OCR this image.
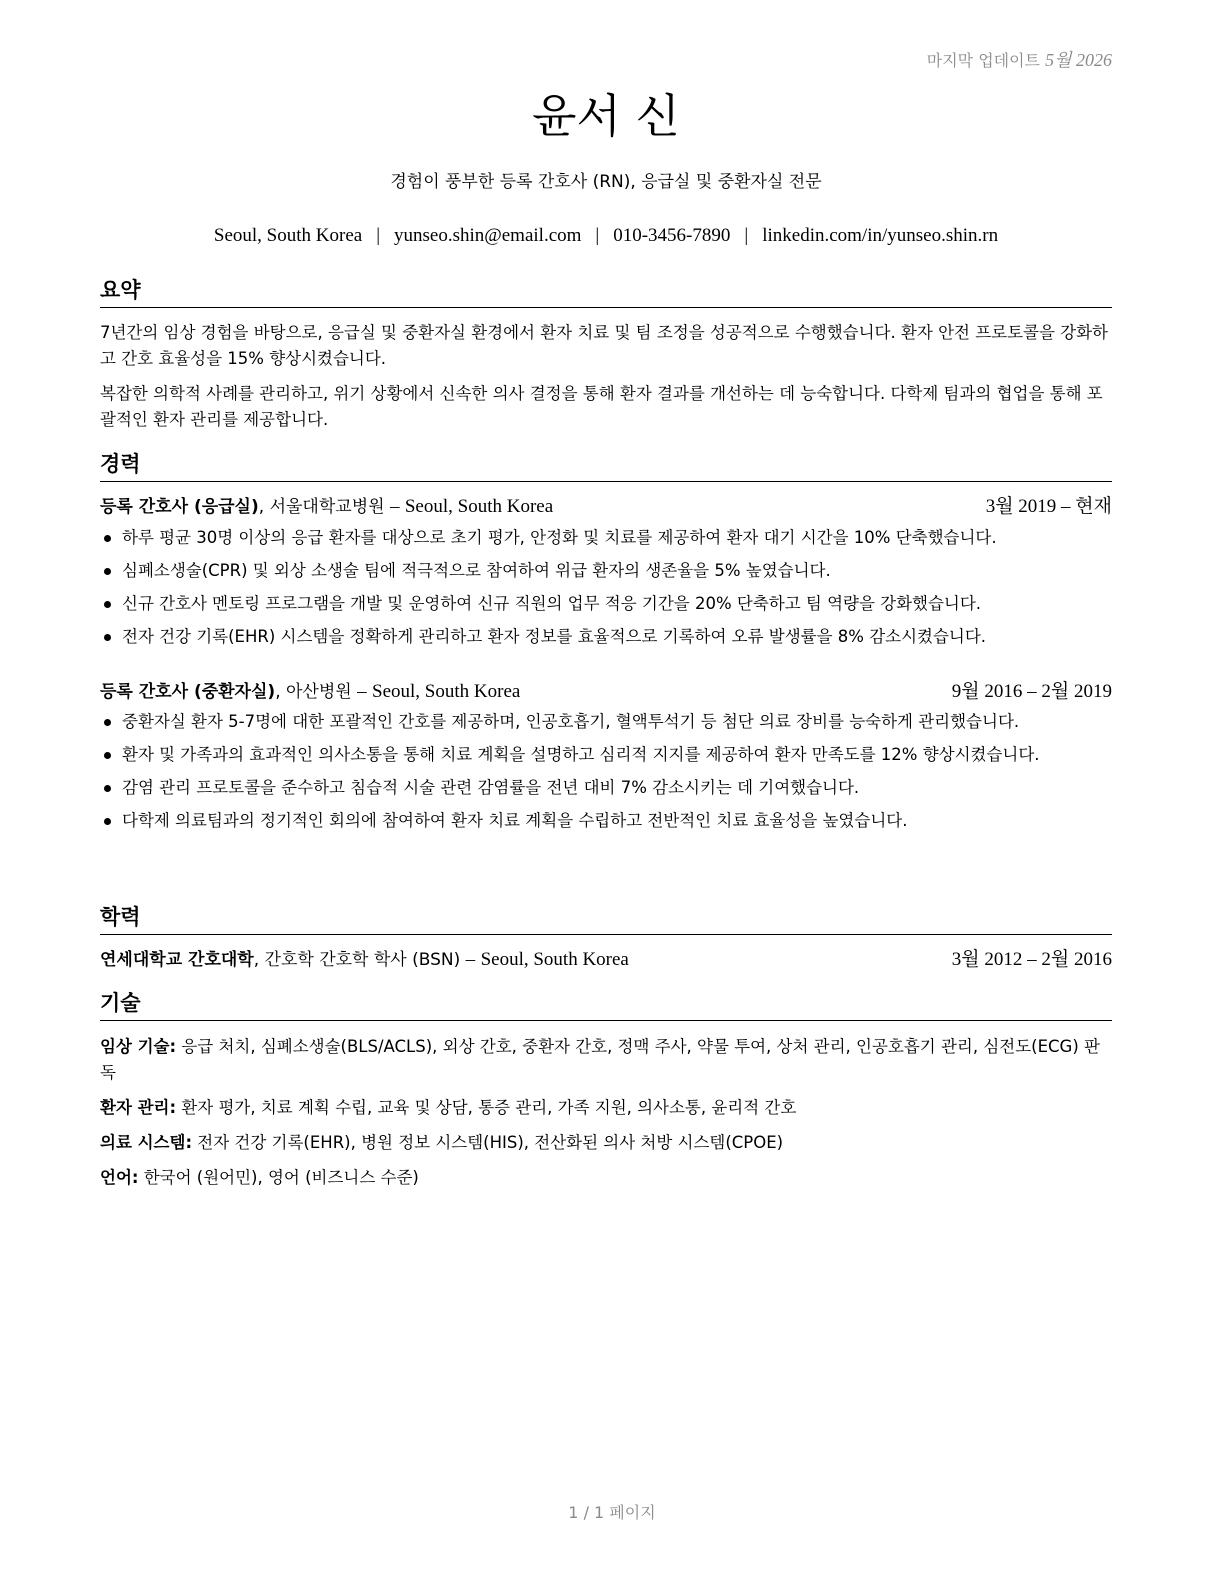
마지막 업데이트 5월 2026
윤서 신
경험이 풍부한 등록 간호사 (RN), 응급실 및 중환자실 전문
Seoul, South Korea | yunseo.shin@email.com | 010-3456-7890 | linkedin.com/in/yunseo.shin.rn
요약

7년간의 임상 경험을 바탕으로, 응급실 및 중환자실 환경에서 환자 치료 및 팀 조정을 성공적으로 수행했습니다. 환자 안전 프로토콜을 강화하고 간호 효율성을 15% 향상시켰습니다.

복잡한 의학적 사례를 관리하고, 위기 상황에서 신속한 의사 결정을 통해 환자 결과를 개선하는 데 능숙합니다. 다학제 팀과의 협업을 통해 포괄적인 환자 관리를 제공합니다.

경력
등록 간호사 (응급실), 서울대학교병원 – Seoul, South Korea	3월 2019 – 현재
하루 평균 30명 이상의 응급 환자를 대상으로 초기 평가, 안정화 및 치료를 제공하여 환자 대기 시간을 10% 단축했습니다.
심폐소생술(CPR) 및 외상 소생술 팀에 적극적으로 참여하여 위급 환자의 생존율을 5% 높였습니다.
신규 간호사 멘토링 프로그램을 개발 및 운영하여 신규 직원의 업무 적응 기간을 20% 단축하고 팀 역량을 강화했습니다.
전자 건강 기록(EHR) 시스템을 정확하게 관리하고 환자 정보를 효율적으로 기록하여 오류 발생률을 8% 감소시켰습니다.
등록 간호사 (중환자실), 아산병원 – Seoul, South Korea	9월 2016 – 2월 2019
중환자실 환자 5-7명에 대한 포괄적인 간호를 제공하며, 인공호흡기, 혈액투석기 등 첨단 의료 장비를 능숙하게 관리했습니다.
환자 및 가족과의 효과적인 의사소통을 통해 치료 계획을 설명하고 심리적 지지를 제공하여 환자 만족도를 12% 향상시켰습니다.
감염 관리 프로토콜을 준수하고 침습적 시술 관련 감염률을 전년 대비 7% 감소시키는 데 기여했습니다.
다학제 의료팀과의 정기적인 회의에 참여하여 환자 치료 계획을 수립하고 전반적인 치료 효율성을 높였습니다.
학력
연세대학교 간호대학, 간호학 간호학 학사 (BSN) – Seoul, South Korea	3월 2012 – 2월 2016
기술
임상 기술: 응급 처치, 심폐소생술(BLS/ACLS), 외상 간호, 중환자 간호, 정맥 주사, 약물 투여, 상처 관리, 인공호흡기 관리, 심전도(ECG) 판독
환자 관리: 환자 평가, 치료 계획 수립, 교육 및 상담, 통증 관리, 가족 지원, 의사소통, 윤리적 간호
의료 시스템: 전자 건강 기록(EHR), 병원 정보 시스템(HIS), 전산화된 의사 처방 시스템(CPOE)
언어: 한국어 (원어민), 영어 (비즈니스 수준)
1 / 1 페이지
